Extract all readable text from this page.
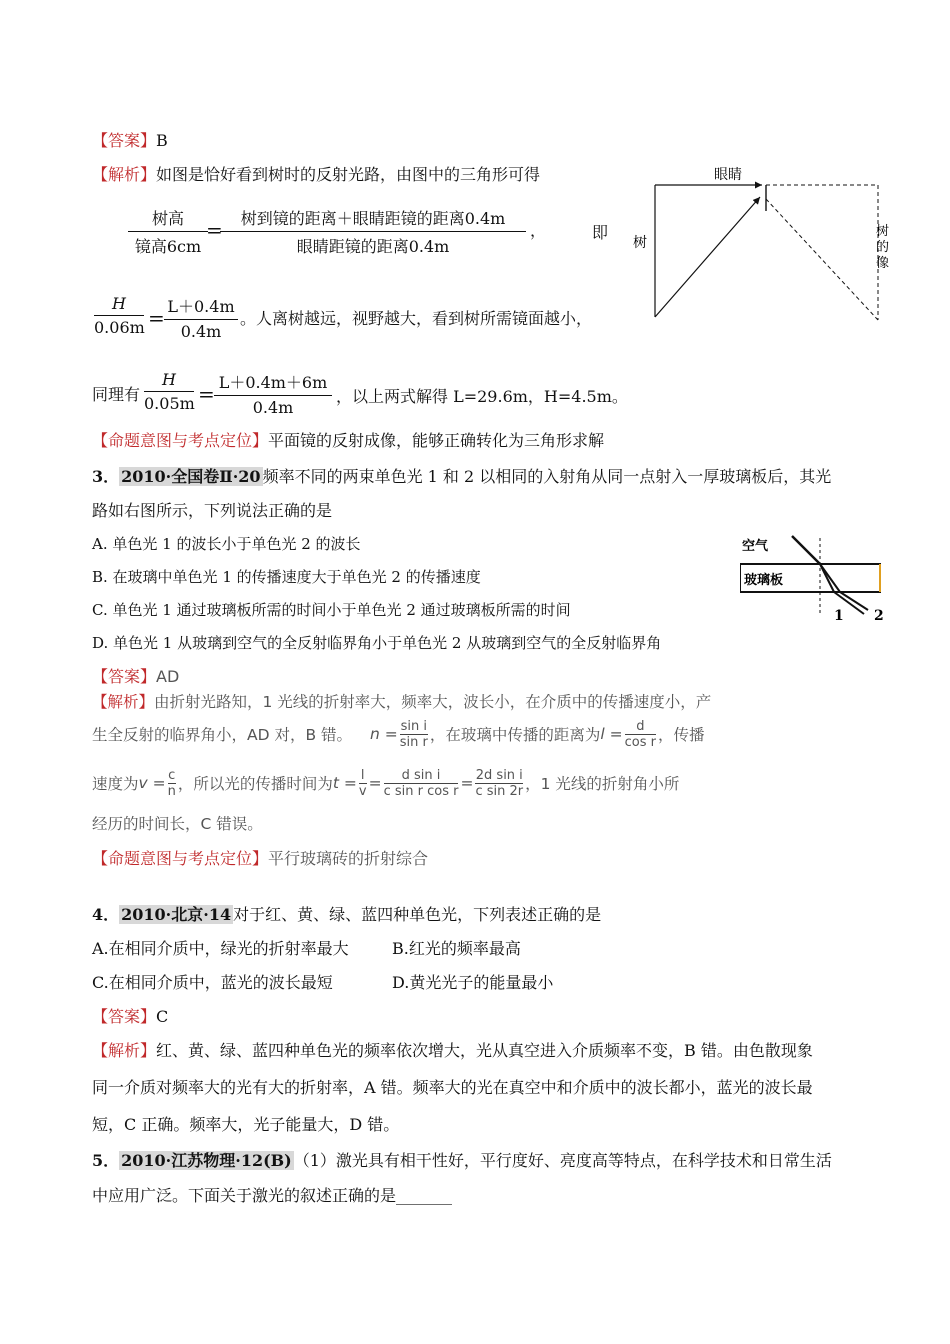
【答案】B
【解析】如图是恰好看到树时的反射光路，由图中的三角形可得
树高
镜高6cm
=	树到镜的距离＋眼睛距镜的距离0.4m
眼睛距镜的距离0.4m
，	即
H
0.06m = L＋0.4m
0.4m
。人离树越远，视野越大，看到树所需镜面越小，
同理有
H
0.05m = L＋0.4m＋6m
0.4m
，以上两式解得 L=29.6m，H=4.5m。
【命题意图与考点定位】平面镜的反射成像，能够正确转化为三角形求解
眼睛
树
树
的
像
3． 2010·全国卷Ⅱ·20 频率不同的两束单色光 1 和 2 以相同的入射角从同一点射入一厚玻璃板后，其光
路如右图所示，下列说法正确的是
A. 单色光 1 的波长小于单色光 2 的波长
B. 在玻璃中单色光 1 的传播速度大于单色光 2 的传播速度
C. 单色光 1 通过玻璃板所需的时间小于单色光 2 通过玻璃板所需的时间
D. 单色光 1 从玻璃到空气的全反射临界角小于单色光 2 从玻璃到空气的全反射临界角
空气
玻璃板
1 2
【答案】AD
【解析】由折射光路知，1 光线的折射率大，频率大，波长小，在介质中的传播速度小，产
生全反射的临界角小，AD 对，B 错。 $n = \frac{\text{sin i}}{\text{sin r}}$ ，在玻璃中传播的距离为 $l = \frac{d}{\text{cos r}}$ ，传播
速度为 $v = \frac{c}{n}$ ，所以光的传播时间为 $t = \frac{l}{v} = \frac{\text{d sin i}}{\text{c sin r cos r}} = \frac{\text{2d sin i}}{\text{c sin 2r}}$ ，1 光线的折射角小所
经历的时间长，C 错误。
【命题意图与考点定位】平行玻璃砖的折射综合
4． 2010·北京·14 对于红、黄、绿、蓝四种单色光，下列表述正确的是
A.在相同介质中，绿光的折射率最大	B.红光的频率最高
C.在相同介质中，蓝光的波长最短	D.黄光光子的能量最小
【答案】C
【解析】红、黄、绿、蓝四种单色光的频率依次增大，光从真空进入介质频率不变，B 错。由色散现象
同一介质对频率大的光有大的折射率，A 错。频率大的光在真空中和介质中的波长都小，蓝光的波长最
短，C 正确。频率大，光子能量大，D 错。
5． 2010·江苏物理·12(B) （1）激光具有相干性好，平行度好、亮度高等特点，在科学技术和日常生活
中应用广泛。下面关于激光的叙述正确的是_______
